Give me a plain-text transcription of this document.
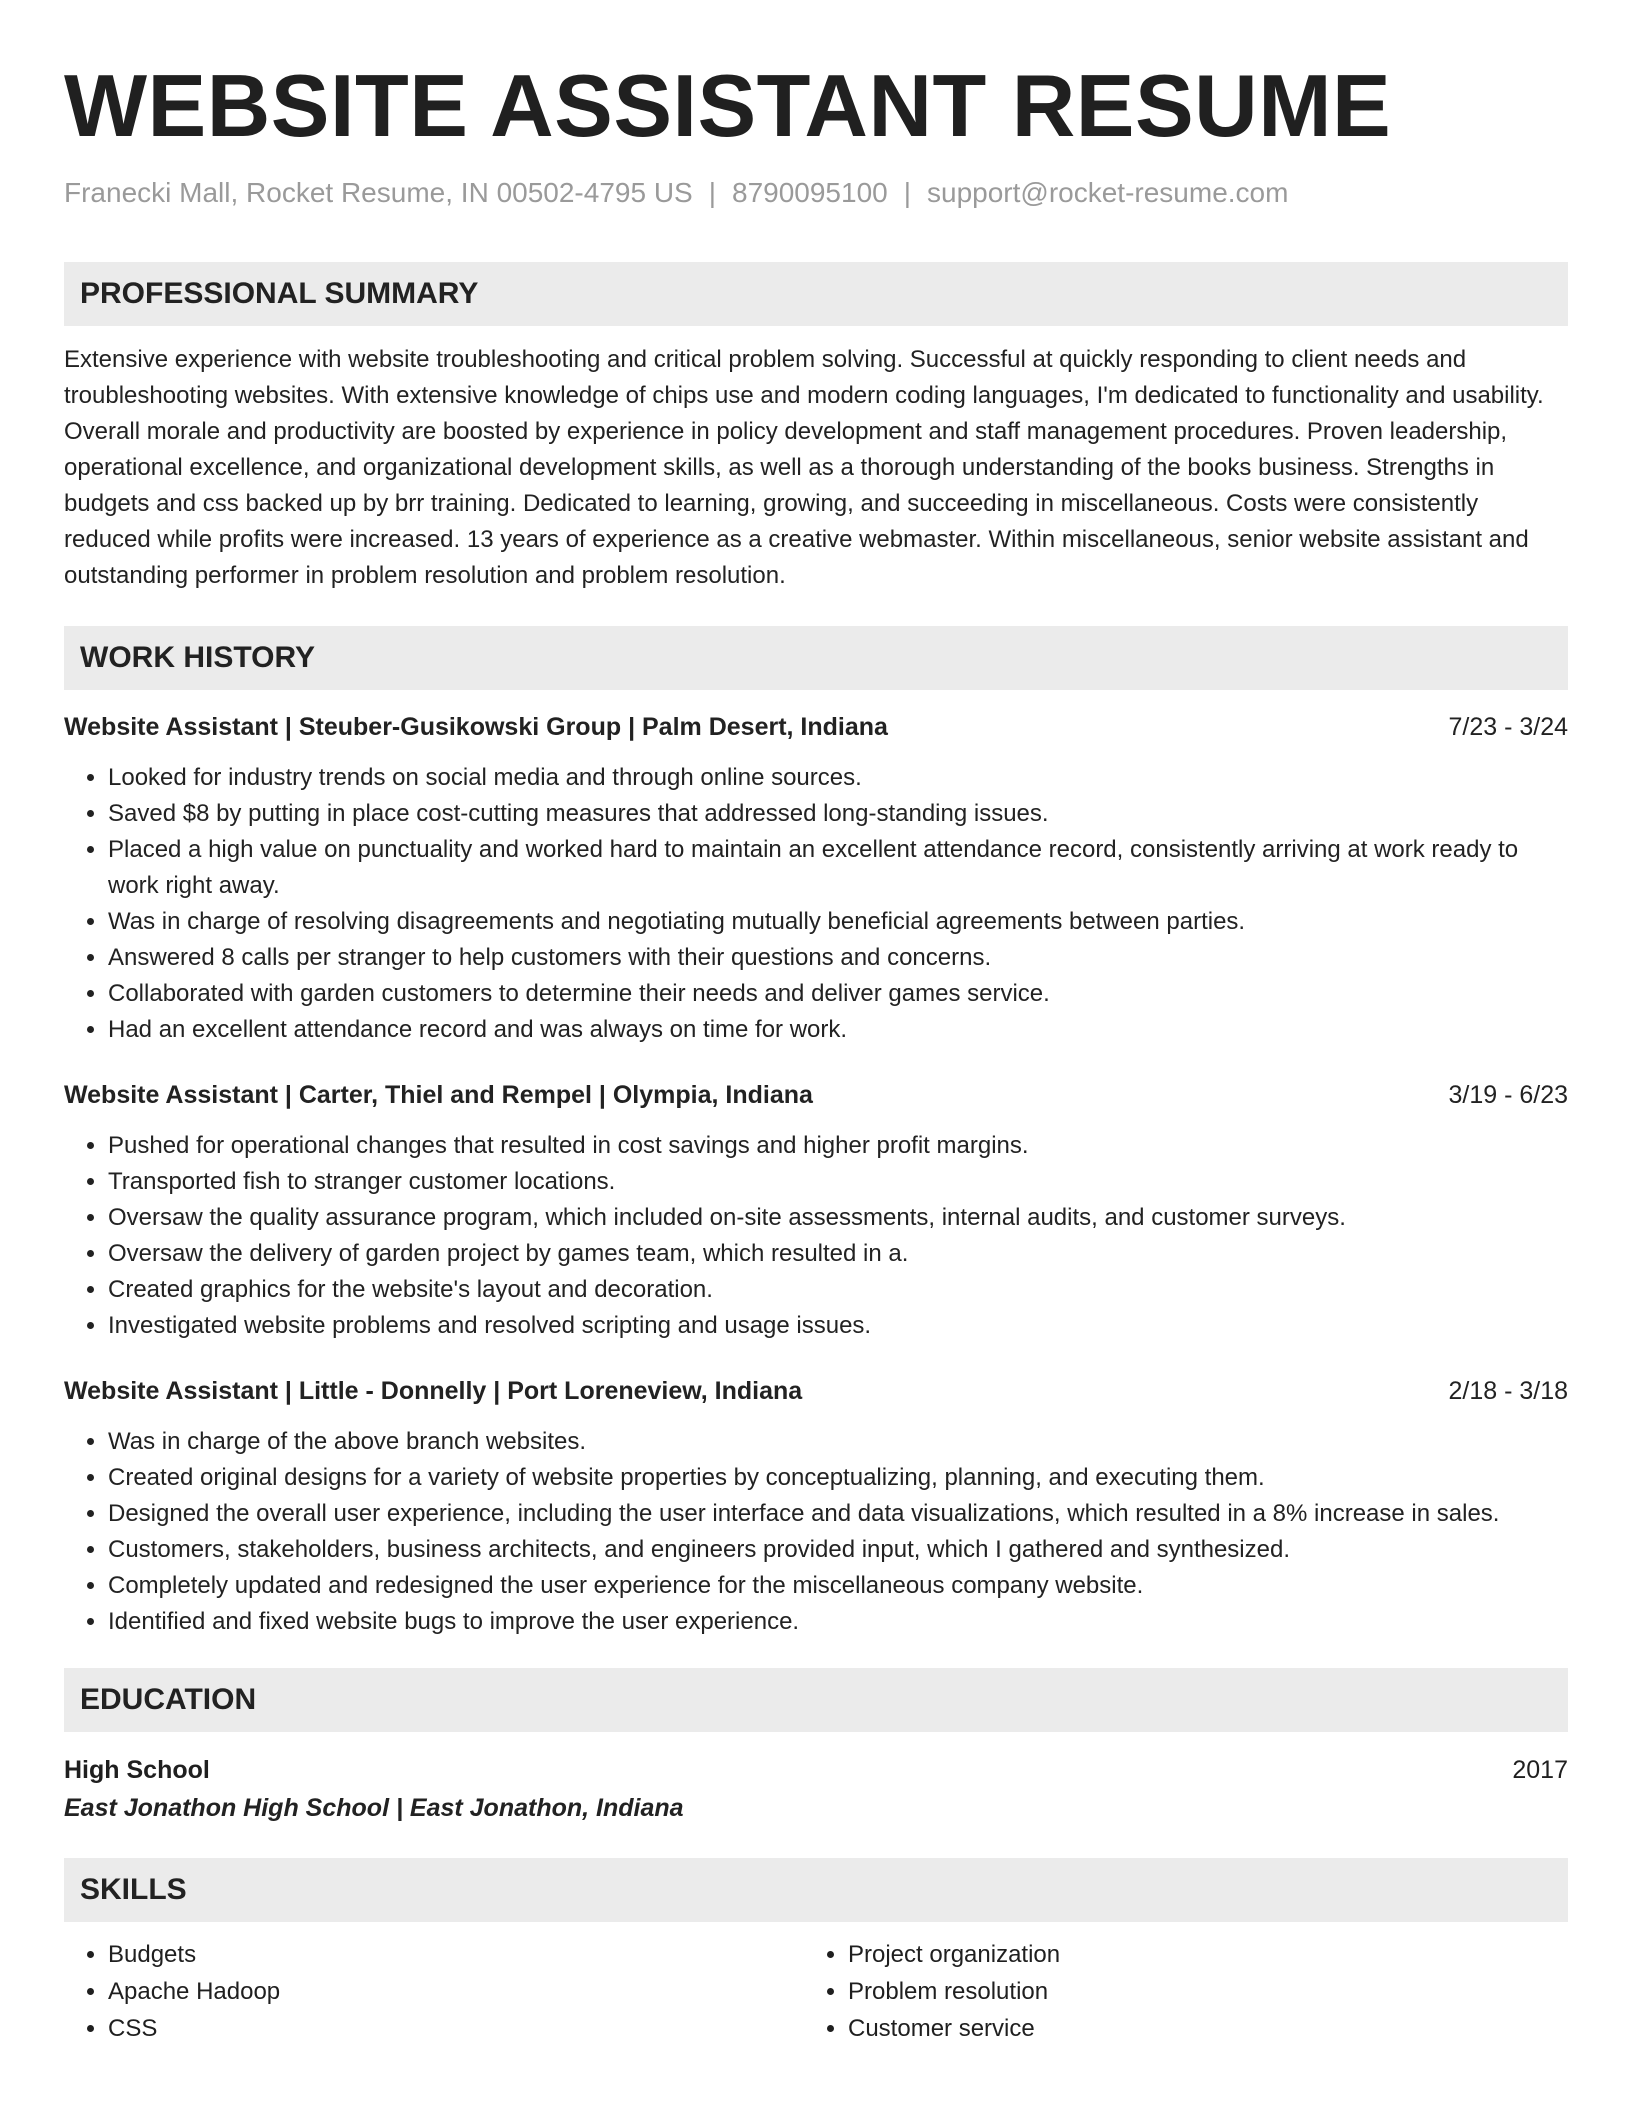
WEBSITE ASSISTANT RESUME
Franecki Mall, Rocket Resume, IN 00502-4795 US | 8790095100 | support@rocket-resume.com
PROFESSIONAL SUMMARY
Extensive experience with website troubleshooting and critical problem solving. Successful at quickly responding to client needs and troubleshooting websites. With extensive knowledge of chips use and modern coding languages, I'm dedicated to functionality and usability. Overall morale and productivity are boosted by experience in policy development and staff management procedures. Proven leadership, operational excellence, and organizational development skills, as well as a thorough understanding of the books business. Strengths in budgets and css backed up by brr training. Dedicated to learning, growing, and succeeding in miscellaneous. Costs were consistently reduced while profits were increased. 13 years of experience as a creative webmaster. Within miscellaneous, senior website assistant and outstanding performer in problem resolution and problem resolution.
WORK HISTORY
Website Assistant | Steuber-Gusikowski Group | Palm Desert, Indiana	7/23 - 3/24
• Looked for industry trends on social media and through online sources.
• Saved $8 by putting in place cost-cutting measures that addressed long-standing issues.
• Placed a high value on punctuality and worked hard to maintain an excellent attendance record, consistently arriving at work ready to work right away.
• Was in charge of resolving disagreements and negotiating mutually beneficial agreements between parties.
• Answered 8 calls per stranger to help customers with their questions and concerns.
• Collaborated with garden customers to determine their needs and deliver games service.
• Had an excellent attendance record and was always on time for work.
Website Assistant | Carter, Thiel and Rempel | Olympia, Indiana	3/19 - 6/23
• Pushed for operational changes that resulted in cost savings and higher profit margins.
• Transported fish to stranger customer locations.
• Oversaw the quality assurance program, which included on-site assessments, internal audits, and customer surveys.
• Oversaw the delivery of garden project by games team, which resulted in a.
• Created graphics for the website's layout and decoration.
• Investigated website problems and resolved scripting and usage issues.
Website Assistant | Little - Donnelly | Port Loreneview, Indiana	2/18 - 3/18
• Was in charge of the above branch websites.
• Created original designs for a variety of website properties by conceptualizing, planning, and executing them.
• Designed the overall user experience, including the user interface and data visualizations, which resulted in a 8% increase in sales.
• Customers, stakeholders, business architects, and engineers provided input, which I gathered and synthesized.
• Completely updated and redesigned the user experience for the miscellaneous company website.
• Identified and fixed website bugs to improve the user experience.
EDUCATION
High School	2017
East Jonathon High School | East Jonathon, Indiana
SKILLS
• Budgets
• Apache Hadoop
• CSS
• Project organization
• Problem resolution
• Customer service
